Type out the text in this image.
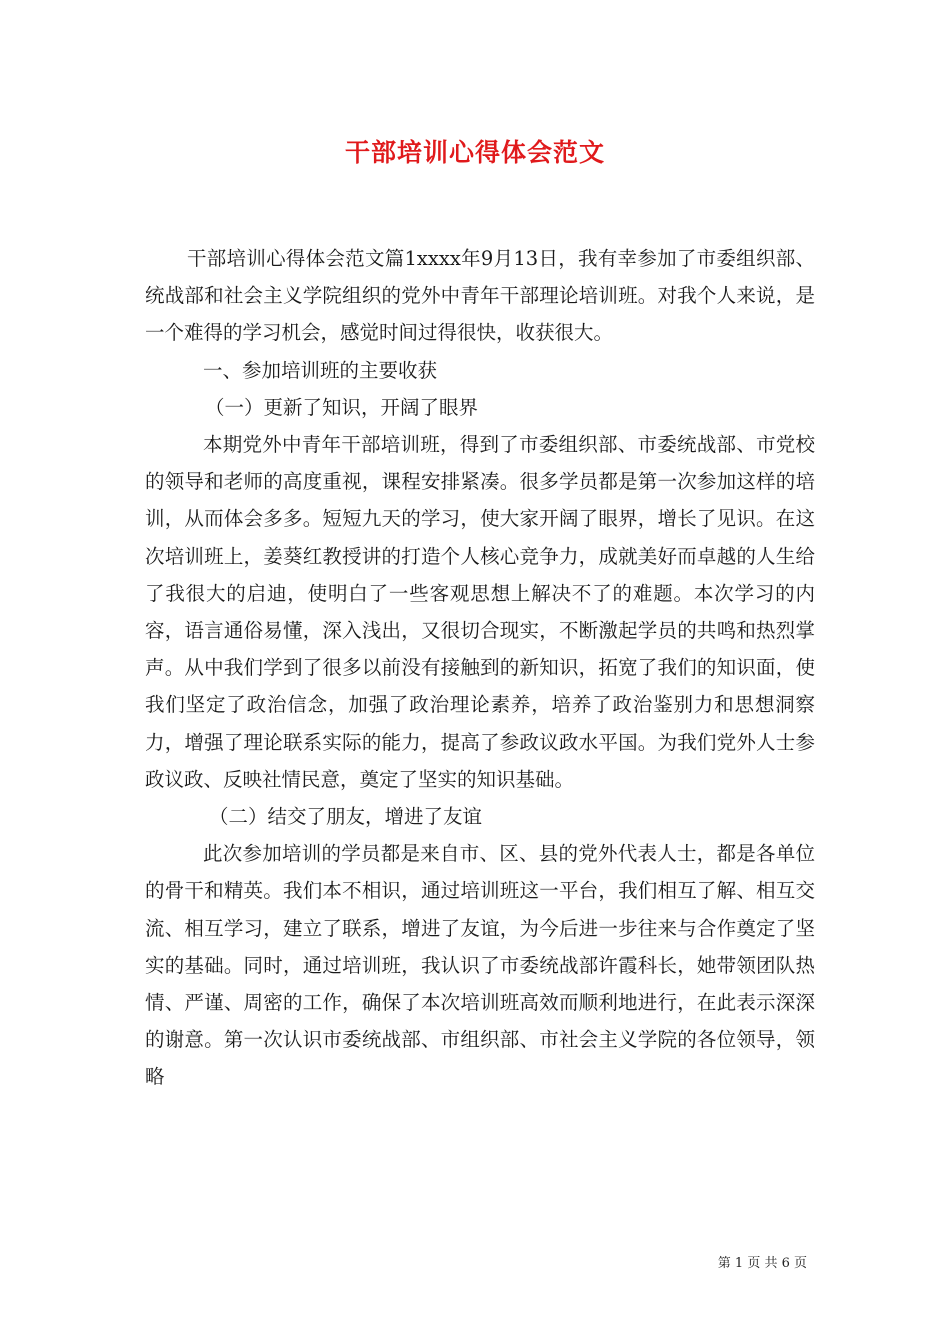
干部培训心得体会范文

干部培训心得体会范文篇1xxxx年9月13日，我有幸参加了市委组织部、统战部和社会主义学院组织的党外中青年干部理论培训班。对我个人来说，是一个难得的学习机会，感觉时间过得很快，收获很大。

一、参加培训班的主要收获

（一）更新了知识，开阔了眼界

本期党外中青年干部培训班，得到了市委组织部、市委统战部、市党校的领导和老师的高度重视，课程安排紧凑。很多学员都是第一次参加这样的培训，从而体会多多。短短九天的学习，使大家开阔了眼界，增长了见识。在这次培训班上，姜葵红教授讲的打造个人核心竞争力，成就美好而卓越的人生给了我很大的启迪，使明白了一些客观思想上解决不了的难题。本次学习的内容，语言通俗易懂，深入浅出，又很切合现实，不断激起学员的共鸣和热烈掌声。从中我们学到了很多以前没有接触到的新知识，拓宽了我们的知识面，使我们坚定了政治信念，加强了政治理论素养，培养了政治鉴别力和思想洞察力，增强了理论联系实际的能力，提高了参政议政水平国。为我们党外人士参政议政、反映社情民意，奠定了坚实的知识基础。

（二）结交了朋友，增进了友谊

此次参加培训的学员都是来自市、区、县的党外代表人士，都是各单位的骨干和精英。我们本不相识，通过培训班这一平台，我们相互了解、相互交流、相互学习，建立了联系，增进了友谊，为今后进一步往来与合作奠定了坚实的基础。同时，通过培训班，我认识了市委统战部许霞科长，她带领团队热情、严谨、周密的工作，确保了本次培训班高效而顺利地进行，在此表示深深的谢意。第一次认识市委统战部、市组织部、市社会主义学院的各位领导，领略

第 1 页 共 6 页
